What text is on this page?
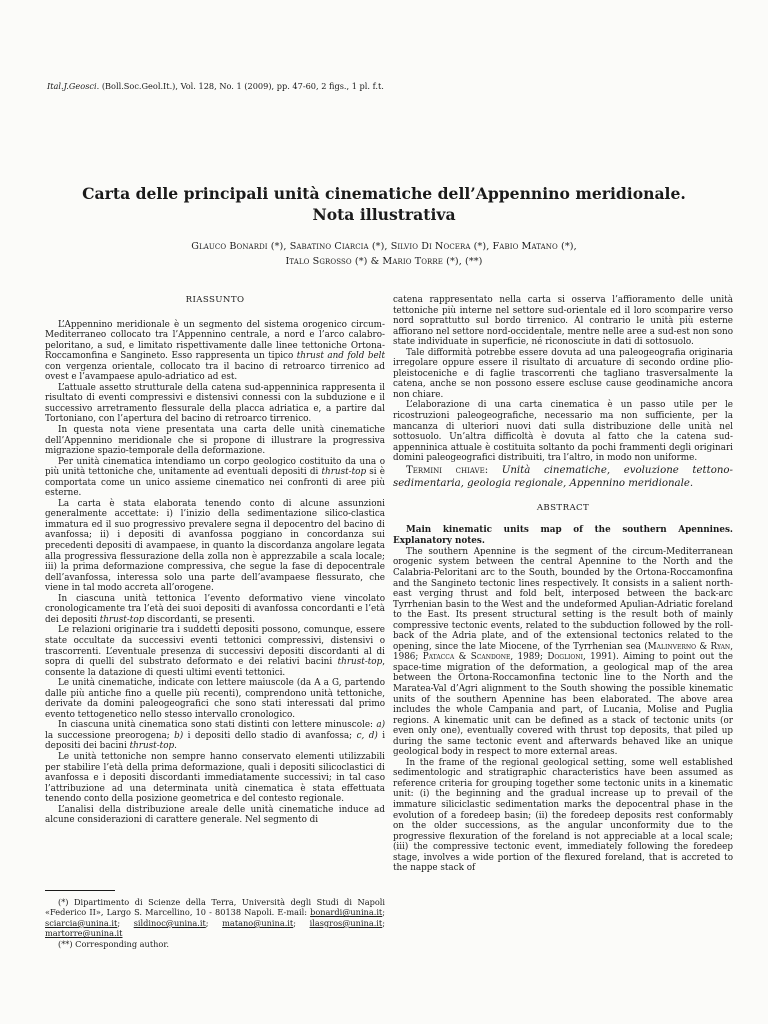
Ital.J.Geosci. (Boll.Soc.Geol.It.), Vol. 128, No. 1 (2009), pp. 47-60, 2 figs., 1 pl. f.t.
Carta delle principali unità cinematiche dell’Appennino meridionale.
Nota illustrativa
Glauco Bonardi (*), Sabatino Ciarcia (*), Silvio Di Nocera (*), Fabio Matano (*),
Italo Sgrosso (*) & Mario Torre (*), (**)
RIASSUNTO

L’Appennino meridionale è un segmento del sistema orogenico circum-Mediterraneo collocato tra l’Appennino centrale, a nord e l’arco calabro-peloritano, a sud, e limitato rispettivamente dalle linee tettoniche Ortona-Roccamonfina e Sangineto. Esso rappresenta un tipico thrust and fold belt con vergenza orientale, collocato tra il bacino di retroarco tirrenico ad ovest e l’avampaese apulo-adriatico ad est.

L’attuale assetto strutturale della catena sud-appenninica rappresenta il risultato di eventi compressivi e distensivi connessi con la subduzione e il successivo arretramento flessurale della placca adriatica e, a partire dal Tortoniano, con l’apertura del bacino di retroarco tirrenico.

In questa nota viene presentata una carta delle unità cinematiche dell’Appennino meridionale che si propone di illustrare la progressiva migrazione spazio-temporale della deformazione.

Per unità cinematica intendiamo un corpo geologico costituito da una o più unità tettoniche che, unitamente ad eventuali depositi di thrust-top si è comportata come un unico assieme cinematico nei confronti di aree più esterne.

La carta è stata elaborata tenendo conto di alcune assunzioni generalmente accettate: i) l’inizio della sedimentazione silico-clastica immatura ed il suo progressivo prevalere segna il depocentro del bacino di avanfossa; ii) i depositi di avanfossa poggiano in concordanza sui precedenti depositi di avampaese, in quanto la discordanza angolare legata alla progressiva flessurazione della zolla non è apprezzabile a scala locale; iii) la prima deformazione compressiva, che segue la fase di depocentrale dell’avanfossa, interessa solo una parte dell’avampaese flessurato, che viene in tal modo accreta all’orogene.

In ciascuna unità tettonica l’evento deformativo viene vincolato cronologicamente tra l’età dei suoi depositi di avanfossa concordanti e l’età dei depositi thrust-top discordanti, se presenti.

Le relazioni originarie tra i suddetti depositi possono, comunque, essere state occultate da successivi eventi tettonici compressivi, distensivi o trascorrenti. L’eventuale presenza di successivi depositi discordanti al di sopra di quelli del substrato deformato e dei relativi bacini thrust-top, consente la datazione di questi ultimi eventi tettonici.

Le unità cinematiche, indicate con lettere maiuscole (da A a G, partendo dalle più antiche fino a quelle più recenti), comprendono unità tettoniche, derivate da domini paleogeografici che sono stati interessati dal primo evento tettogenetico nello stesso intervallo cronologico.

In ciascuna unità cinematica sono stati distinti con lettere minuscole: a) la successione preorogena; b) i depositi dello stadio di avanfossa; c, d) i depositi dei bacini thrust-top.

Le unità tettoniche non sempre hanno conservato elementi utilizzabili per stabilire l’età della prima deformazione, quali i depositi silicoclastici di avanfossa e i depositi discordanti immediatamente successivi; in tal caso l’attribuzione ad una determinata unità cinematica è stata effettuata tenendo conto della posizione geometrica e del contesto regionale.

L’analisi della distribuzione areale delle unità cinematiche induce ad alcune considerazioni di carattere generale. Nel segmento di

catena rappresentato nella carta si osserva l’affioramento delle unità tettoniche più interne nel settore sud-orientale ed il loro scomparire verso nord soprattutto sul bordo tirrenico. Al contrario le unità più esterne affiorano nel settore nord-occidentale, mentre nelle aree a sud-est non sono state individuate in superficie, né riconosciute in dati di sottosuolo.

Tale difformità potrebbe essere dovuta ad una paleogeografia originaria irregolare oppure essere il risultato di arcuature di secondo ordine plio-pleistoceniche e di faglie trascorrenti che tagliano trasversalmente la catena, anche se non possono essere escluse cause geodinamiche ancora non chiare.

L’elaborazione di una carta cinematica è un passo utile per le ricostruzioni paleogeografiche, necessario ma non sufficiente, per la mancanza di ulteriori nuovi dati sulla distribuzione delle unità nel sottosuolo. Un’altra difficoltà è dovuta al fatto che la catena sud-appenninica attuale è costituita soltanto da pochi frammenti degli originari domini paleogeografici distribuiti, tra l’altro, in modo non uniforme.

Termini chiave: Unità cinematiche, evoluzione tettono-sedimentaria, geologia regionale, Appennino meridionale.

ABSTRACT

Main kinematic units map of the southern Apennines. Explanatory notes.

The southern Apennine is the segment of the circum-Mediterranean orogenic system between the central Apennine to the North and the Calabria-Peloritani arc to the South, bounded by the Ortona-Roccamonfina and the Sangineto tectonic lines respectively. It consists in a salient north-east verging thrust and fold belt, interposed between the back-arc Tyrrhenian basin to the West and the undeformed Apulian-Adriatic foreland to the East. Its present structural setting is the result both of mainly compressive tectonic events, related to the subduction followed by the roll-back of the Adria plate, and of the extensional tectonics related to the opening, since the late Miocene, of the Tyrrhenian sea (Malinverno & Ryan, 1986; Patacca & Scandone, 1989; Doglioni, 1991). Aiming to point out the space-time migration of the deformation, a geological map of the area between the Ortona-Roccamonfina tectonic line to the North and the Maratea-Val d’Agri alignment to the South showing the possible kinematic units of the southern Apennine has been elaborated. The above area includes the whole Campania and part, of Lucania, Molise and Puglia regions. A kinematic unit can be defined as a stack of tectonic units (or even only one), eventually covered with thrust top deposits, that piled up during the same tectonic event and afterwards behaved like an unique geological body in respect to more external areas.

In the frame of the regional geological setting, some well established sedimentologic and stratigraphic characteristics have been assumed as reference criteria for grouping together some tectonic units in a kinematic unit: (i) the beginning and the gradual increase up to prevail of the immature siliciclastic sedimentation marks the depocentral phase in the evolution of a foredeep basin; (ii) the foredeep deposits rest conformably on the older successions, as the angular unconformity due to the progressive flexuration of the foreland is not appreciable at a local scale; (iii) the compressive tectonic event, immediately following the foredeep stage, involves a wide portion of the flexured foreland, that is accreted to the nappe stack of

(*) Dipartimento di Scienze della Terra, Università degli Studi di Napoli «Federico II», Largo S. Marcellino, 10 - 80138 Napoli. E-mail: bonardi@unina.it; sciarcia@unina.it; sildinoc@unina.it; matano@unina.it; ilasgros@unina.it; martorre@unina.it

(**) Corresponding author.
